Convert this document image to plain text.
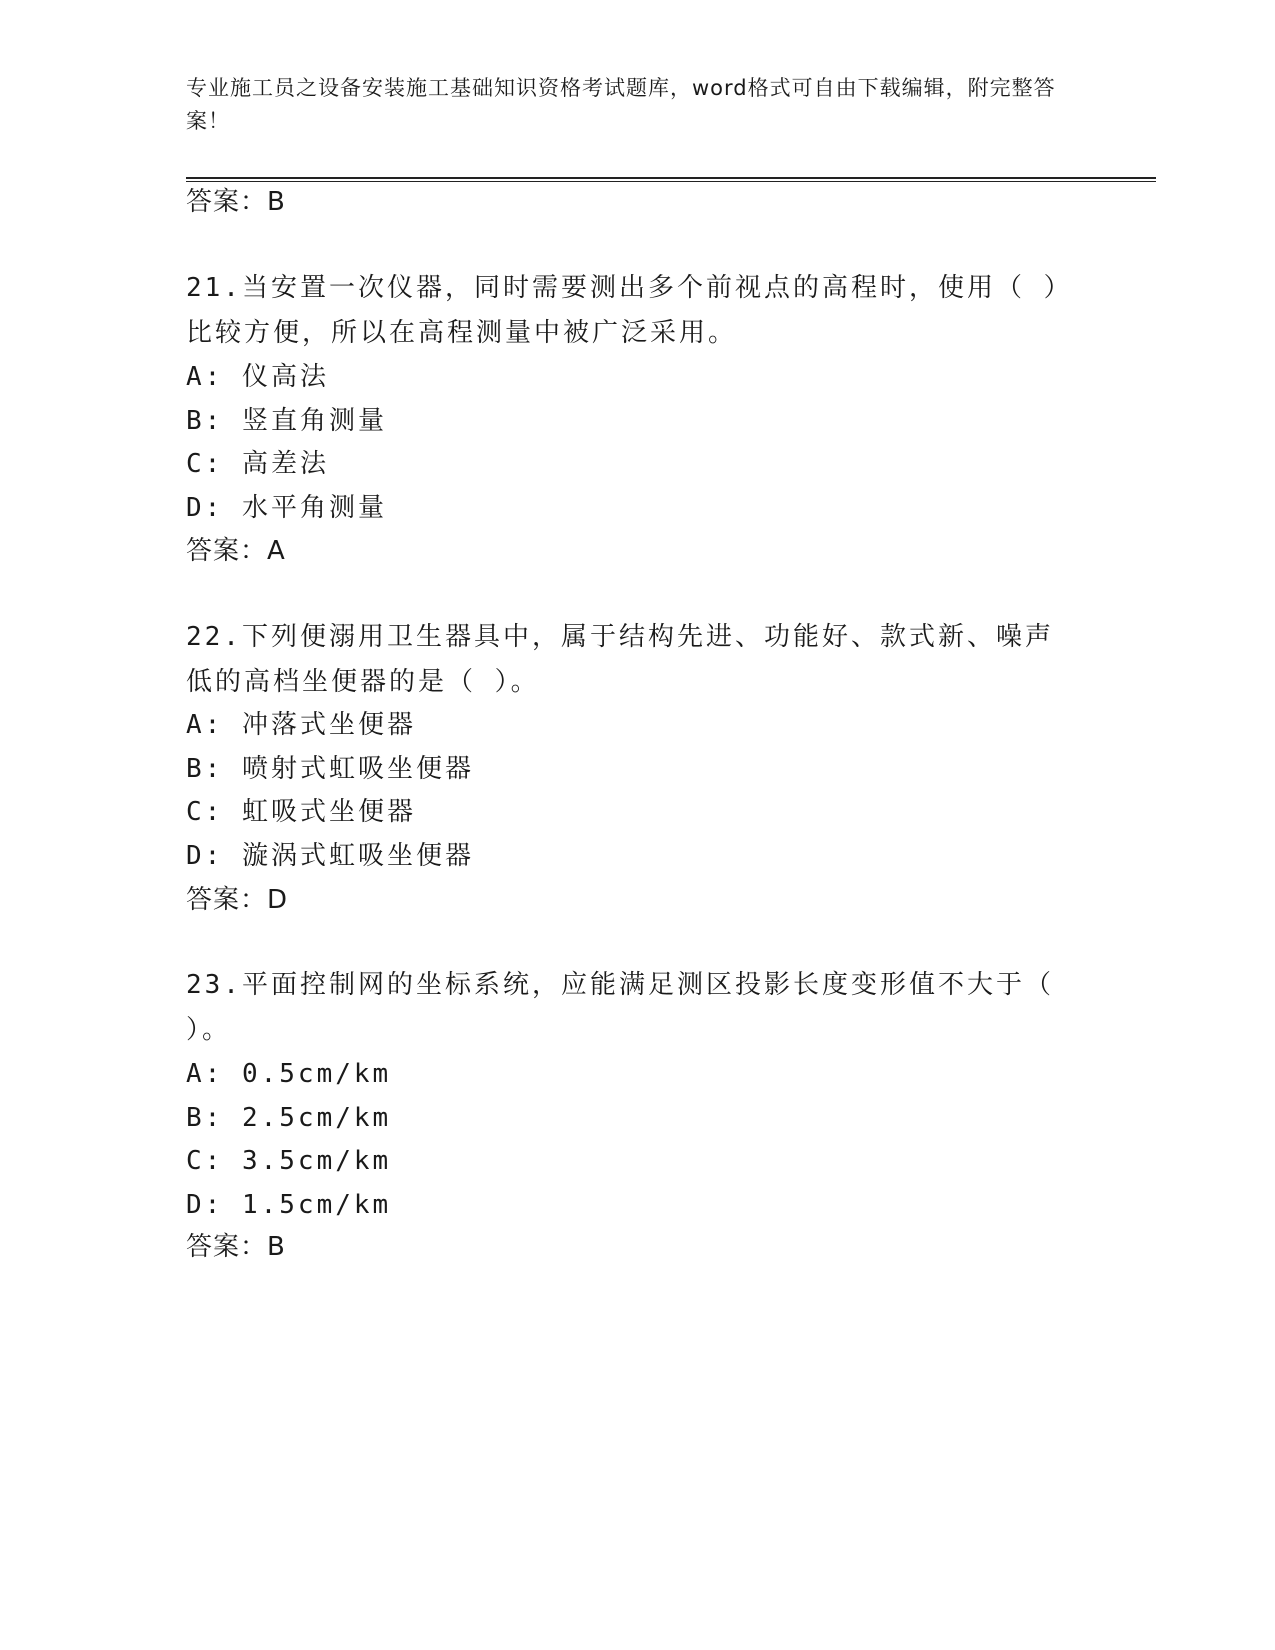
专业施工员之设备安装施工基础知识资格考试题库，word格式可自由下载编辑，附完整答案！
答案：B
21.当安置一次仪器，同时需要测出多个前视点的高程时，使用（ ）比较方便，所以在高程测量中被广泛采用。
A: 仪高法
B: 竖直角测量
C: 高差法
D: 水平角测量
答案：A
22.下列便溺用卫生器具中，属于结构先进、功能好、款式新、噪声低的高档坐便器的是（ ）。
A: 冲落式坐便器
B: 喷射式虹吸坐便器
C: 虹吸式坐便器
D: 漩涡式虹吸坐便器
答案：D
23.平面控制网的坐标系统，应能满足测区投影长度变形值不大于（ ）。
A: 0.5cm/km
B: 2.5cm/km
C: 3.5cm/km
D: 1.5cm/km
答案：B
